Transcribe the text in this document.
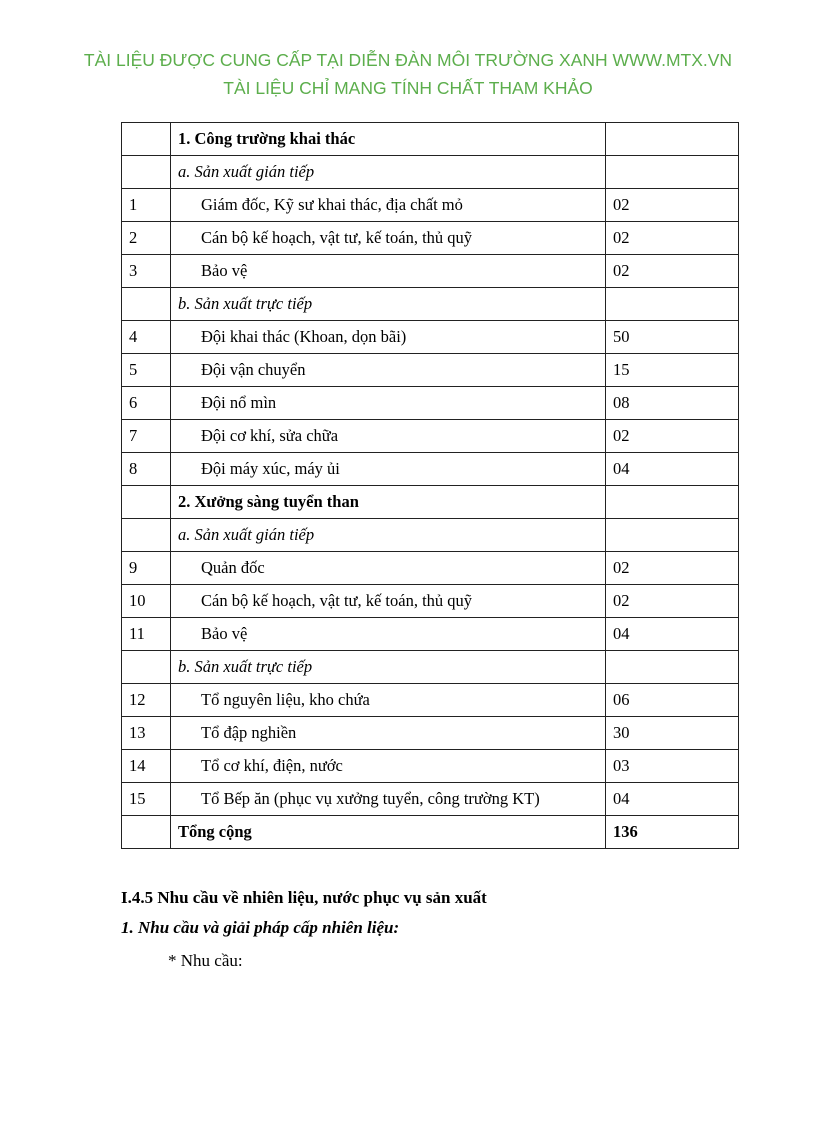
TÀI LIỆU ĐƯỢC CUNG CẤP TẠI DIỄN ĐÀN MÔI TRƯỜNG XANH WWW.MTX.VN
TÀI LIỆU CHỈ MANG TÍNH CHẤT THAM KHẢO
	1. Công trường khai thác	
	a. Sản xuất gián tiếp	
1	Giám đốc, Kỹ sư khai thác, địa chất mỏ	02
2	Cán bộ kế hoạch, vật tư, kế toán, thủ quỹ	02
3	Bảo vệ	02
	b. Sản xuất trực tiếp	
4	Đội khai thác (Khoan, dọn bãi)	50
5	Đội vận chuyển	15
6	Đội nổ mìn	08
7	Đội cơ khí, sửa chữa	02
8	Đội máy xúc, máy ủi	04
	2. Xưởng sàng tuyển than	
	a. Sản xuất gián tiếp	
9	Quản đốc	02
10	Cán bộ kế hoạch, vật tư, kế toán, thủ quỹ	02
11	Bảo vệ	04
	b. Sản xuất trực tiếp	
12	Tổ nguyên liệu, kho chứa	06
13	Tổ đập nghiền	30
14	Tổ cơ khí, điện, nước	03
15	Tổ Bếp ăn (phục vụ xưởng tuyển, công trường KT)	04
	Tổng cộng	136
I.4.5 Nhu cầu về nhiên liệu, nước phục vụ sản xuất
1. Nhu cầu và giải pháp cấp nhiên liệu:
* Nhu cầu:
